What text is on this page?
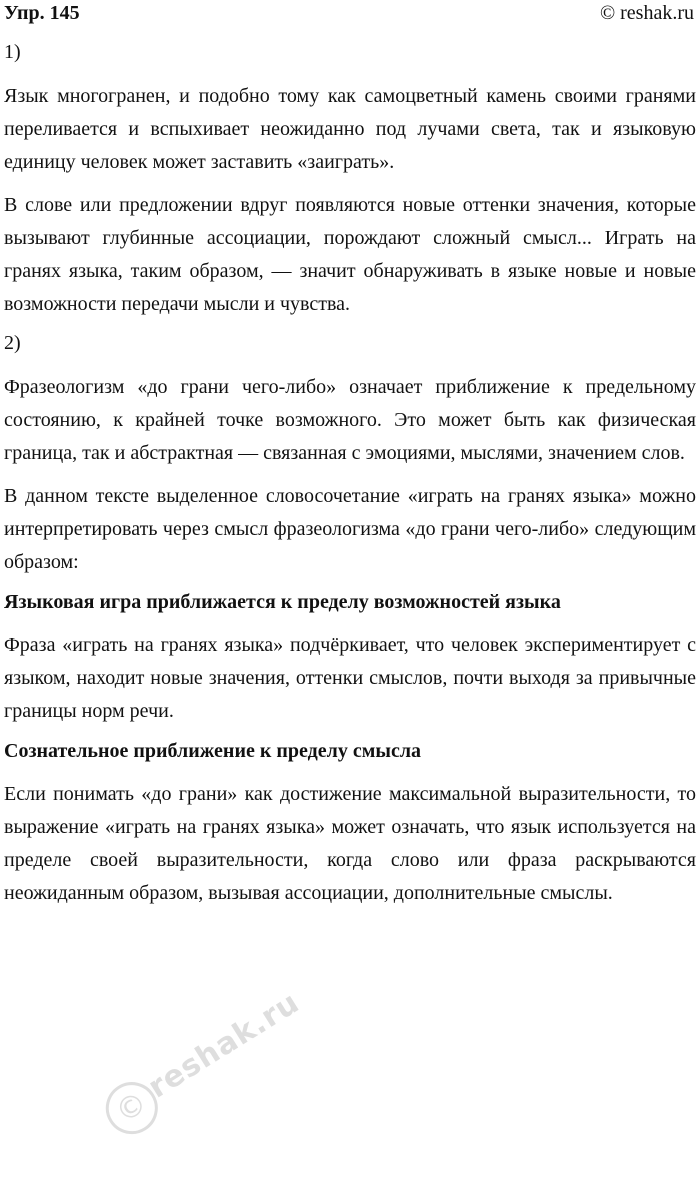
Упр. 145	© reshak.ru
1)

Язык многогранен, и подобно тому как самоцветный камень своими гранями переливается и вспыхивает неожиданно под лучами света, так и языковую единицу человек может заставить «заиграть».

В слове или предложении вдруг появляются новые оттенки значения, которые вызывают глубинные ассоциации, порождают сложный смысл... Играть на гранях языка, таким образом, — значит обнаруживать в языке новые и новые возможности передачи мысли и чувства.

2)

Фразеологизм «до грани чего-либо» означает приближение к предельному состоянию, к крайней точке возможного. Это может быть как физическая граница, так и абстрактная — связанная с эмоциями, мыслями, значением слов.

В данном тексте выделенное словосочетание «играть на гранях языка» можно интерпретировать через смысл фразеологизма «до грани чего-либо» следующим образом:

Языковая игра приближается к пределу возможностей языка

Фраза «играть на гранях языка» подчёркивает, что человек экспериментирует с языком, находит новые значения, оттенки смыслов, почти выходя за привычные границы норм речи.

Сознательное приближение к пределу смысла

Если понимать «до грани» как достижение максимальной выразительности, то выражение «играть на гранях языка» может означать, что язык используется на пределе своей выразительности, когда слово или фраза раскрываются неожиданным образом, вызывая ассоциации, дополнительные смыслы.

©
reshak.ru
